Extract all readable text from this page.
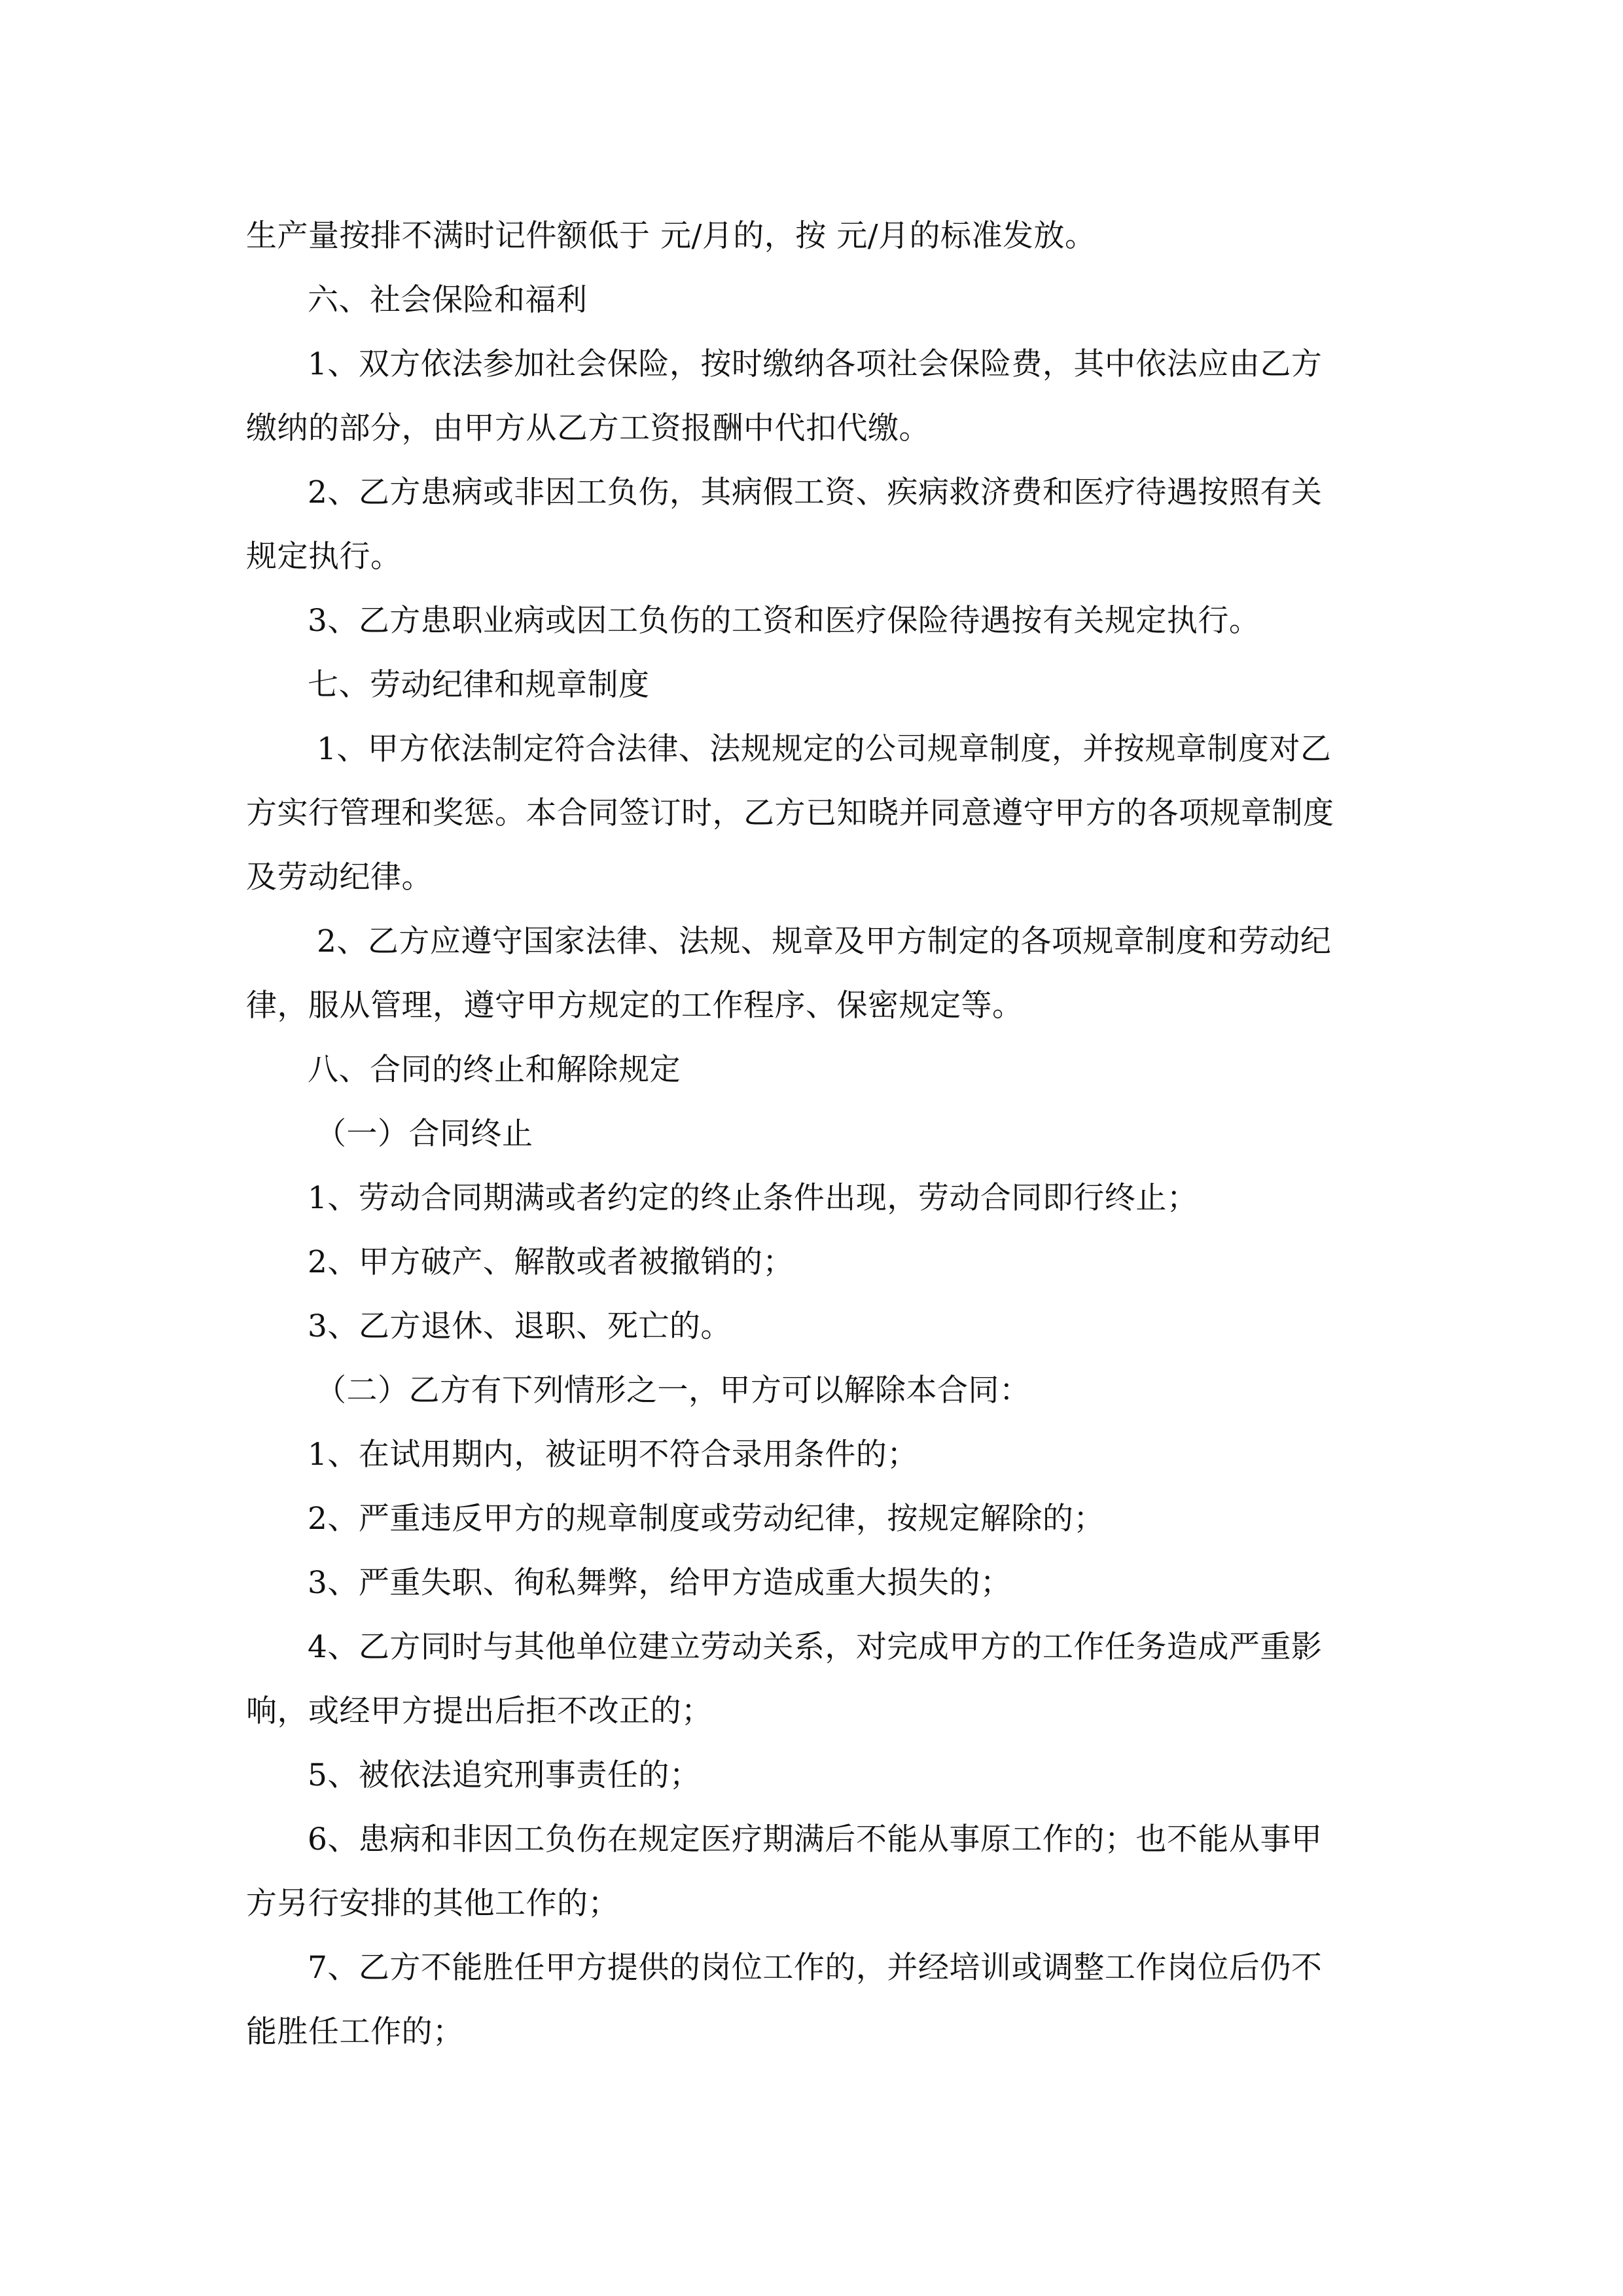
生产量按排不满时记件额低于 元/月的，按 元/月的标准发放。
六、社会保险和福利
1、双方依法参加社会保险，按时缴纳各项社会保险费，其中依法应由乙方
缴纳的部分，由甲方从乙方工资报酬中代扣代缴。
2、乙方患病或非因工负伤，其病假工资、疾病救济费和医疗待遇按照有关
规定执行。
3、乙方患职业病或因工负伤的工资和医疗保险待遇按有关规定执行。
七、劳动纪律和规章制度
1、甲方依法制定符合法律、法规规定的公司规章制度，并按规章制度对乙
方实行管理和奖惩。本合同签订时，乙方已知晓并同意遵守甲方的各项规章制度
及劳动纪律。
2、乙方应遵守国家法律、法规、规章及甲方制定的各项规章制度和劳动纪
律，服从管理，遵守甲方规定的工作程序、保密规定等。
八、合同的终止和解除规定
（一）合同终止
1、劳动合同期满或者约定的终止条件出现，劳动合同即行终止；
2、甲方破产、解散或者被撤销的；
3、乙方退休、退职、死亡的。
（二）乙方有下列情形之一，甲方可以解除本合同：
1、在试用期内，被证明不符合录用条件的；
2、严重违反甲方的规章制度或劳动纪律，按规定解除的；
3、严重失职、徇私舞弊，给甲方造成重大损失的；
4、乙方同时与其他单位建立劳动关系，对完成甲方的工作任务造成严重影
响，或经甲方提出后拒不改正的；
5、被依法追究刑事责任的；
6、患病和非因工负伤在规定医疗期满后不能从事原工作的；也不能从事甲
方另行安排的其他工作的；
7、乙方不能胜任甲方提供的岗位工作的，并经培训或调整工作岗位后仍不
能胜任工作的；
